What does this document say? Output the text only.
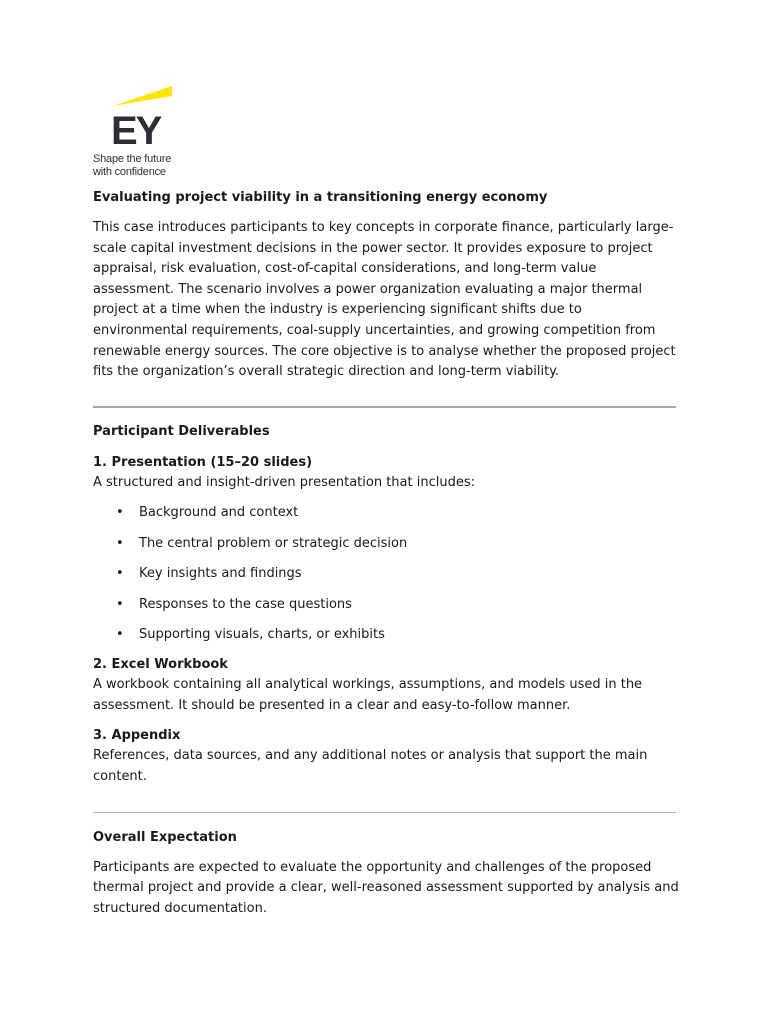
EY
Shape the future
with confidence
Evaluating project viability in a transitioning energy economy

This case introduces participants to key concepts in corporate finance, particularly large-scale capital investment decisions in the power sector. It provides exposure to project appraisal, risk evaluation, cost-of-capital considerations, and long-term value assessment. The scenario involves a power organization evaluating a major thermal project at a time when the industry is experiencing significant shifts due to environmental requirements, coal-supply uncertainties, and growing competition from renewable energy sources. The core objective is to analyse whether the proposed project fits the organization’s overall strategic direction and long-term viability.

Participant Deliverables
1. Presentation (15–20 slides)

A structured and insight-driven presentation that includes:

• Background and context
• The central problem or strategic decision
• Key insights and findings
• Responses to the case questions
• Supporting visuals, charts, or exhibits
2. Excel Workbook

A workbook containing all analytical workings, assumptions, and models used in the assessment. It should be presented in a clear and easy-to-follow manner.

3. Appendix

References, data sources, and any additional notes or analysis that support the main content.

Overall Expectation

Participants are expected to evaluate the opportunity and challenges of the proposed thermal project and provide a clear, well-reasoned assessment supported by analysis and structured documentation.
